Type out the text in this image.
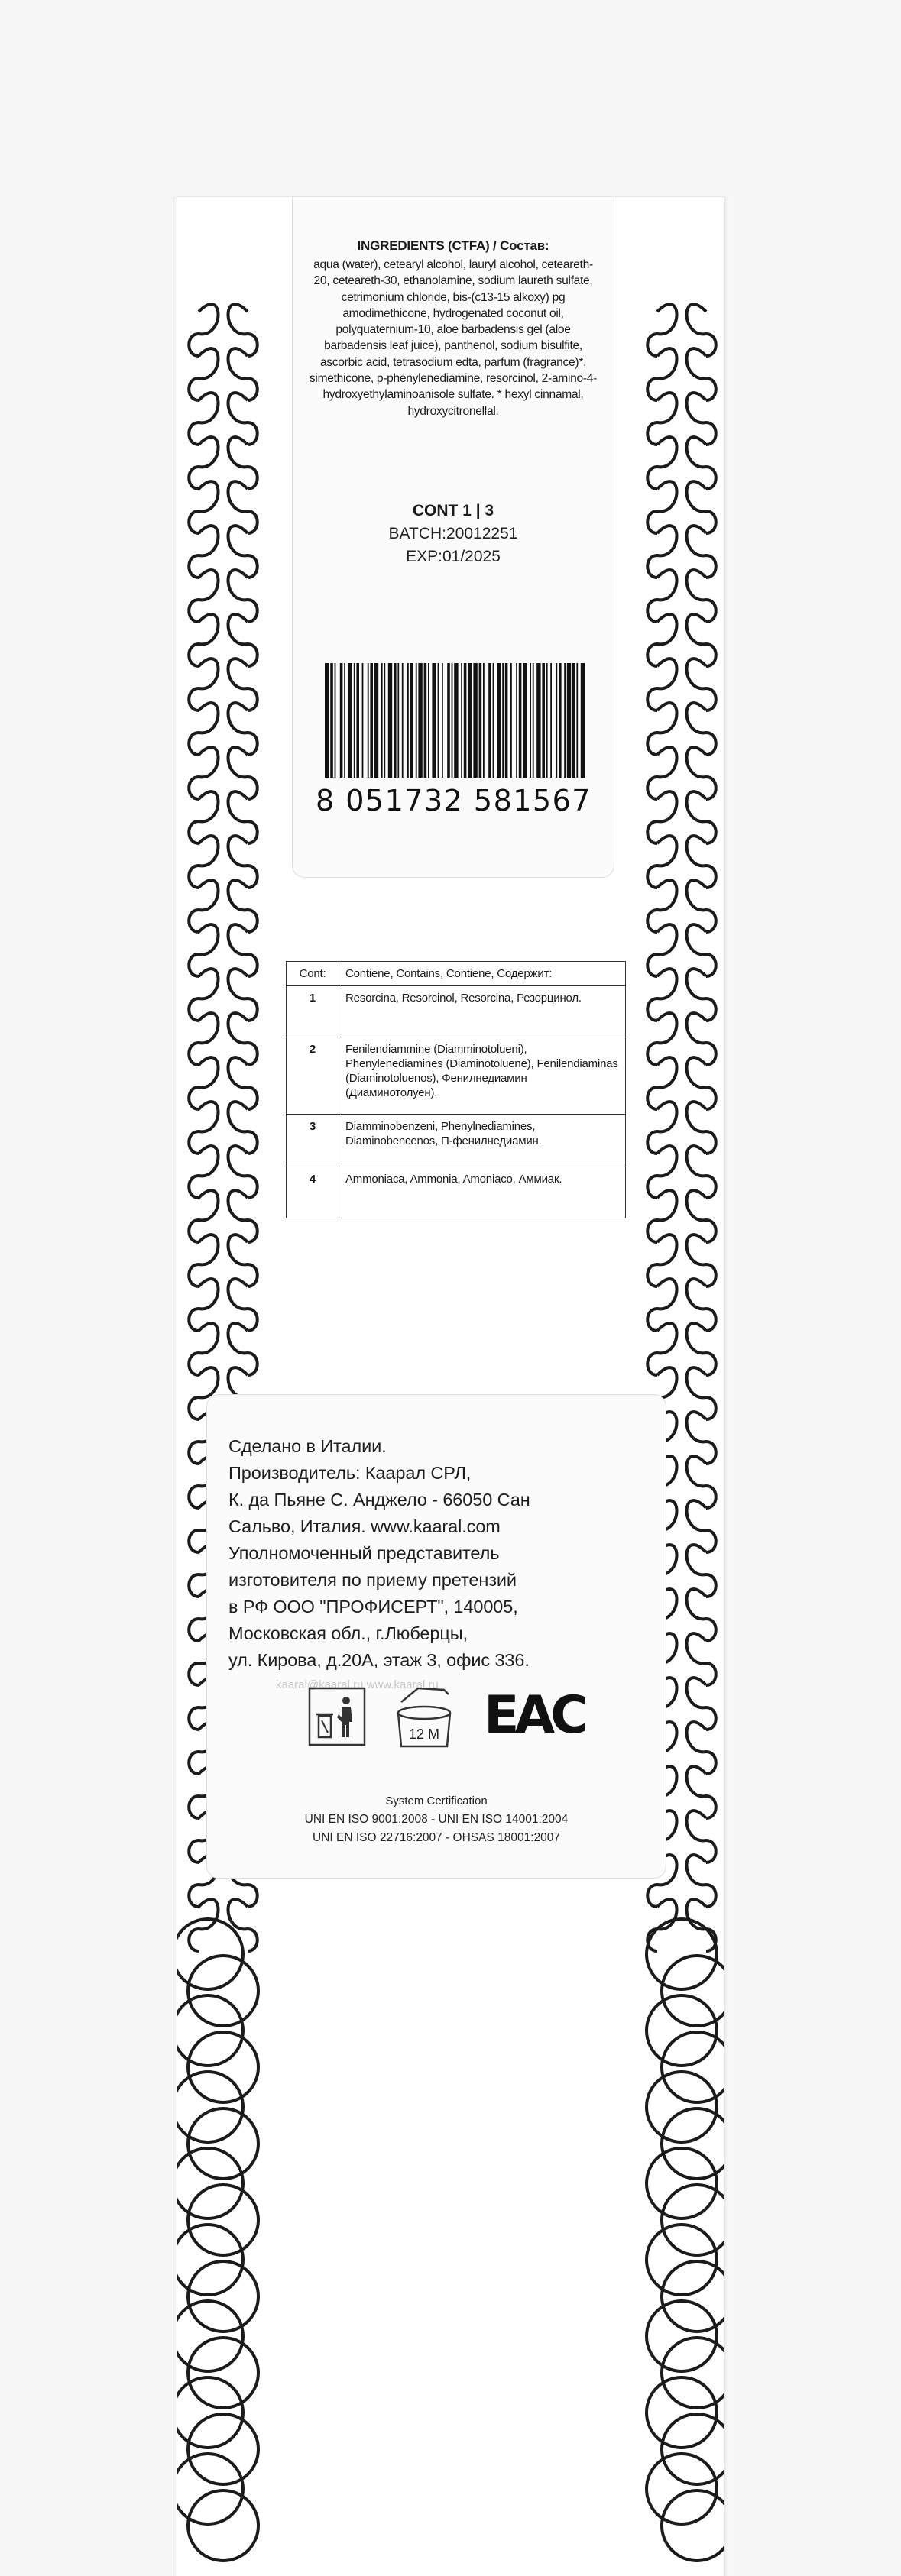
INGREDIENTS (CTFA) / Состав:
aqua (water), cetearyl alcohol, lauryl alcohol, ceteareth-20, ceteareth-30, ethanolamine, sodium laureth sulfate, cetrimonium chloride, bis-(c13-15 alkoxy) pg amodimethicone, hydrogenated coconut oil, polyquaternium-10, aloe barbadensis gel (aloe barbadensis leaf juice), panthenol, sodium bisulfite, ascorbic acid, tetrasodium edta, parfum (fragrance)*, simethicone, p-phenylenediamine, resorcinol, 2-amino-4-hydroxyethylaminoanisole sulfate. * hexyl cinnamal, hydroxycitronellal.
CONT 1 | 3
BATCH:20012251
EXP:01/2025
8 051732 581567
Cont:	Contiene, Contains, Contiene, Содержит:
1	Resorcina, Resorcinol, Resorcina, Резорцинол.
2	Fenilendiammine (Diamminotolueni), Phenylenediamines (Diaminotoluene), Fenilendiaminas (Diaminotoluenos), Фенилнедиамин (Диаминотолуен).
3	Diamminobenzeni, Phenylnediamines, Diaminobencenos, П-фенилнедиамин.
4	Ammoniaca, Ammonia, Amoniaco, Аммиак.
Сделано в Италии.
Производитель: Каарал СРЛ,
К. да Пьяне С. Анджело - 66050 Сан
Сальво, Италия. www.kaaral.com
Уполномоченный представитель
изготовителя по приему претензий
в РФ ООО "ПРОФИСЕРТ", 140005,
Московская обл., г.Люберцы,
ул. Кирова, д.20А, этаж 3, офис 336.
kaaral@kaaral.ru www.kaaral.ru
12 M EAC
System Certification
UNI EN ISO 9001:2008 - UNI EN ISO 14001:2004
UNI EN ISO 22716:2007 - OHSAS 18001:2007
